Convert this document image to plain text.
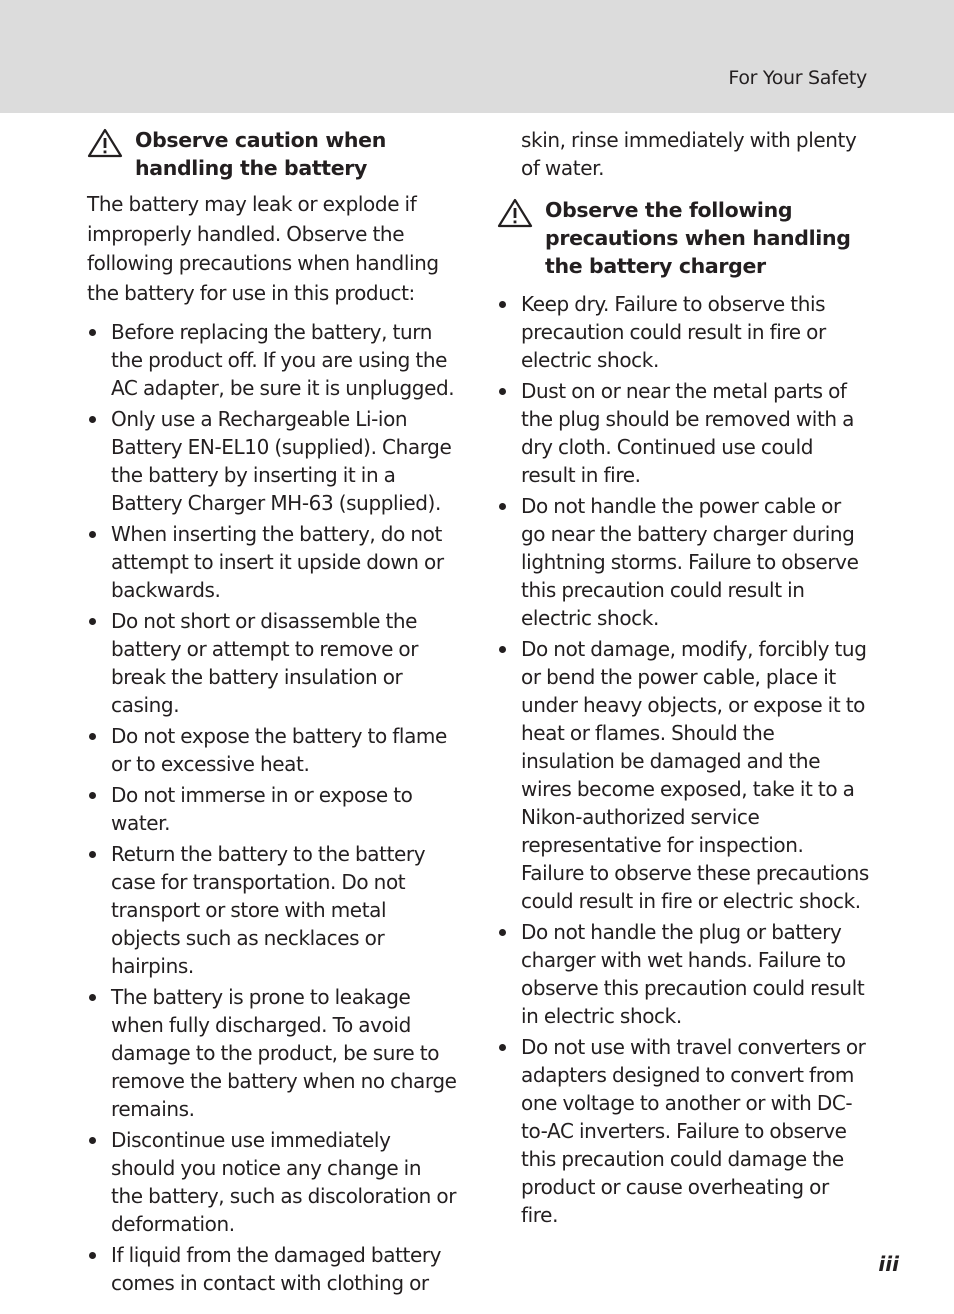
For Your Safety
Observe caution when handling the battery

The battery may leak or explode if improperly handled. Observe the following precautions when handling the battery for use in this product:

Before replacing the battery, turn the product off. If you are using the AC adapter, be sure it is unplugged.
Only use a Rechargeable Li-ion Battery EN-EL10 (supplied). Charge the battery by inserting it in a Battery Charger MH-63 (supplied).
When inserting the battery, do not attempt to insert it upside down or backwards.
Do not short or disassemble the battery or attempt to remove or break the battery insulation or casing.
Do not expose the battery to flame or to excessive heat.
Do not immerse in or expose to water.
Return the battery to the battery case for transportation. Do not transport or store with metal objects such as necklaces or hairpins.
The battery is prone to leakage when fully discharged. To avoid damage to the product, be sure to remove the battery when no charge remains.
Discontinue use immediately should you notice any change in the battery, such as discoloration or deformation.
If liquid from the damaged battery comes in contact with clothing or
skin, rinse immediately with plenty of water.
Observe the following precautions when handling the battery charger
Keep dry. Failure to observe this precaution could result in fire or electric shock.
Dust on or near the metal parts of the plug should be removed with a dry cloth. Continued use could result in fire.
Do not handle the power cable or go near the battery charger during lightning storms. Failure to observe this precaution could result in electric shock.
Do not damage, modify, forcibly tug or bend the power cable, place it under heavy objects, or expose it to heat or flames. Should the insulation be damaged and the wires become exposed, take it to a Nikon-authorized service representative for inspection. Failure to observe these precautions could result in fire or electric shock.
Do not handle the plug or battery charger with wet hands. Failure to observe this precaution could result in electric shock.
Do not use with travel converters or adapters designed to convert from one voltage to another or with DC-to-AC inverters. Failure to observe this precaution could damage the product or cause overheating or fire.
iii
